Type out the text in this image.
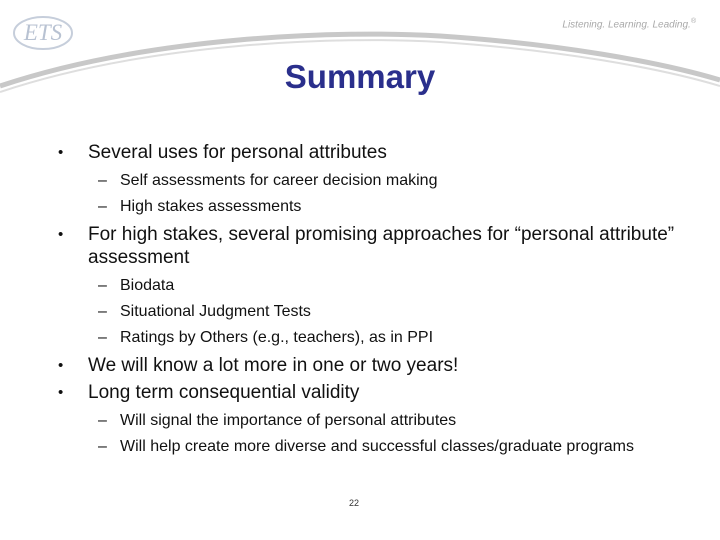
ETS	Listening. Learning. Leading.®
Summary
• Several uses for personal attributes
– Self assessments for career decision making
– High stakes assessments
• For high stakes, several promising approaches for “personal attribute” assessment
– Biodata
– Situational Judgment Tests
– Ratings by Others (e.g., teachers), as in PPI
• We will know a lot more in one or two years!
• Long term consequential validity
– Will signal the importance of personal attributes
– Will help create more diverse and successful classes/graduate programs
22
